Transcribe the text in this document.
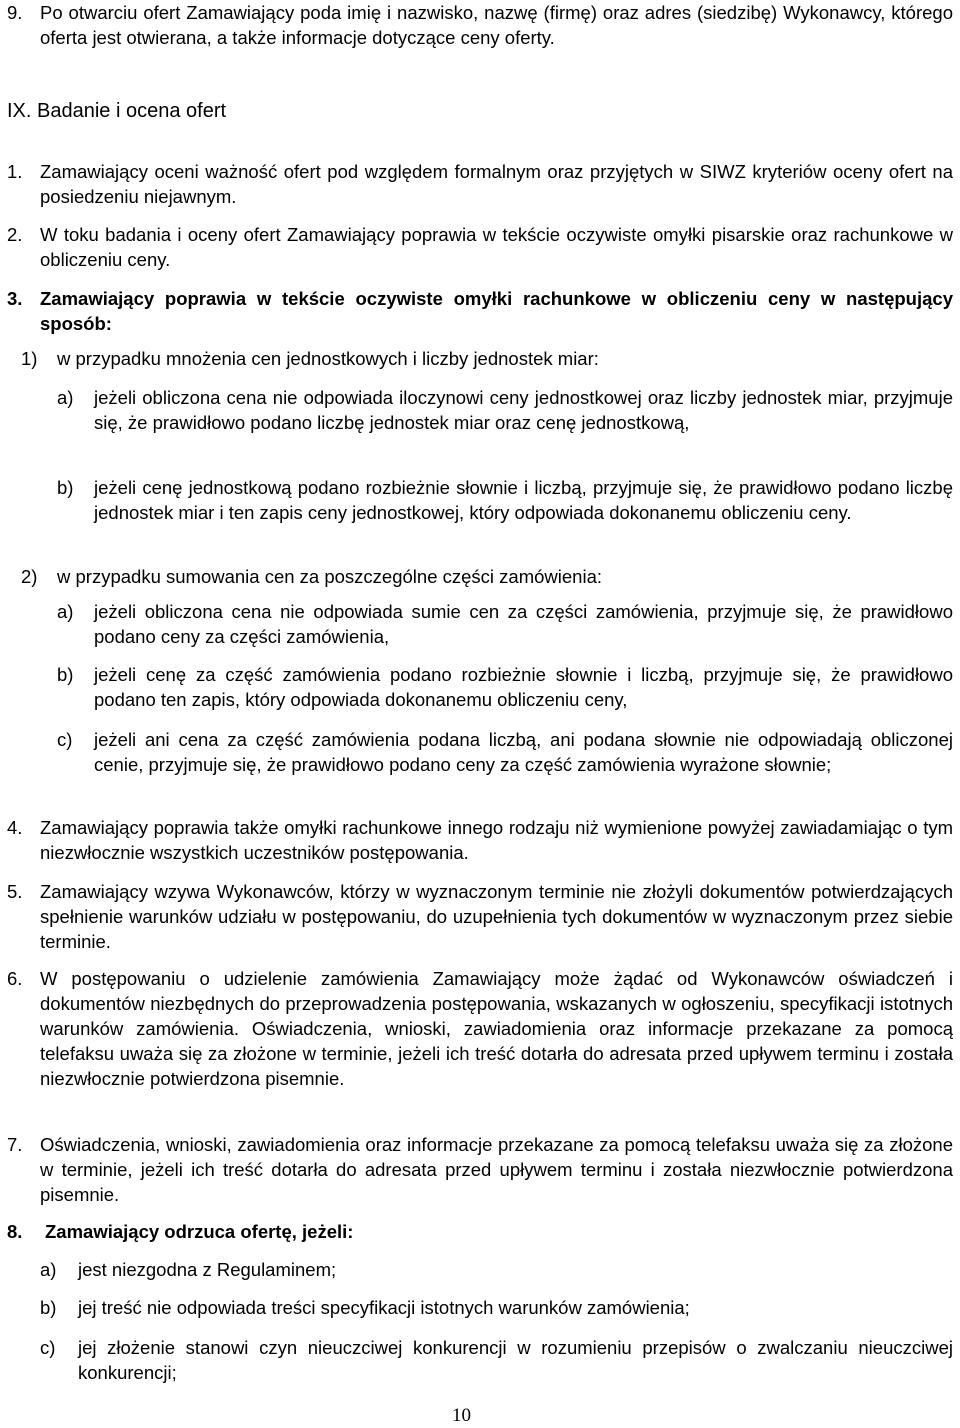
9. Po otwarciu ofert Zamawiający poda imię i nazwisko, nazwę (firmę) oraz adres (siedzibę) Wykonawcy, którego oferta jest otwierana, a także informacje dotyczące ceny oferty.
IX. Badanie i ocena ofert
1. Zamawiający oceni ważność ofert pod względem formalnym oraz przyjętych w SIWZ kryteriów oceny ofert na posiedzeniu niejawnym.
2. W toku badania i oceny ofert Zamawiający poprawia w tekście oczywiste omyłki pisarskie oraz rachunkowe w obliczeniu ceny.
3. Zamawiający poprawia w tekście oczywiste omyłki rachunkowe w obliczeniu ceny w następujący sposób:
1) w przypadku mnożenia cen jednostkowych i liczby jednostek miar:
a) jeżeli obliczona cena nie odpowiada iloczynowi ceny jednostkowej oraz liczby jednostek miar, przyjmuje się, że prawidłowo podano liczbę jednostek miar oraz cenę jednostkową,
b) jeżeli cenę jednostkową podano rozbieżnie słownie i liczbą, przyjmuje się, że prawidłowo podano liczbę jednostek miar i ten zapis ceny jednostkowej, który odpowiada dokonanemu obliczeniu ceny.
2) w przypadku sumowania cen za poszczególne części zamówienia:
a) jeżeli obliczona cena nie odpowiada sumie cen za części zamówienia, przyjmuje się, że prawidłowo podano ceny za części zamówienia,
b) jeżeli cenę za część zamówienia podano rozbieżnie słownie i liczbą, przyjmuje się, że prawidłowo podano ten zapis, który odpowiada dokonanemu obliczeniu ceny,
c) jeżeli ani cena za część zamówienia podana liczbą, ani podana słownie nie odpowiadają obliczonej cenie, przyjmuje się, że prawidłowo podano ceny za część zamówienia wyrażone słownie;
4. Zamawiający poprawia także omyłki rachunkowe innego rodzaju niż wymienione powyżej zawiadamiając o tym niezwłocznie wszystkich uczestników postępowania.
5. Zamawiający wzywa Wykonawców, którzy w wyznaczonym terminie nie złożyli dokumentów potwierdzających spełnienie warunków udziału w postępowaniu, do uzupełnienia tych dokumentów w wyznaczonym przez siebie terminie.
6. W postępowaniu o udzielenie zamówienia Zamawiający może żądać od Wykonawców oświadczeń i dokumentów niezbędnych do przeprowadzenia postępowania, wskazanych w ogłoszeniu, specyfikacji istotnych warunków zamówienia. Oświadczenia, wnioski, zawiadomienia oraz informacje przekazane za pomocą telefaksu uważa się za złożone w terminie, jeżeli ich treść dotarła do adresata przed upływem terminu i została niezwłocznie potwierdzona pisemnie.
7. Oświadczenia, wnioski, zawiadomienia oraz informacje przekazane za pomocą telefaksu uważa się za złożone w terminie, jeżeli ich treść dotarła do adresata przed upływem terminu i została niezwłocznie potwierdzona pisemnie.
8. Zamawiający odrzuca ofertę, jeżeli:
a) jest niezgodna z Regulaminem;
b) jej treść nie odpowiada treści specyfikacji istotnych warunków zamówienia;
c) jej złożenie stanowi czyn nieuczciwej konkurencji w rozumieniu przepisów o zwalczaniu nieuczciwej konkurencji;
10
